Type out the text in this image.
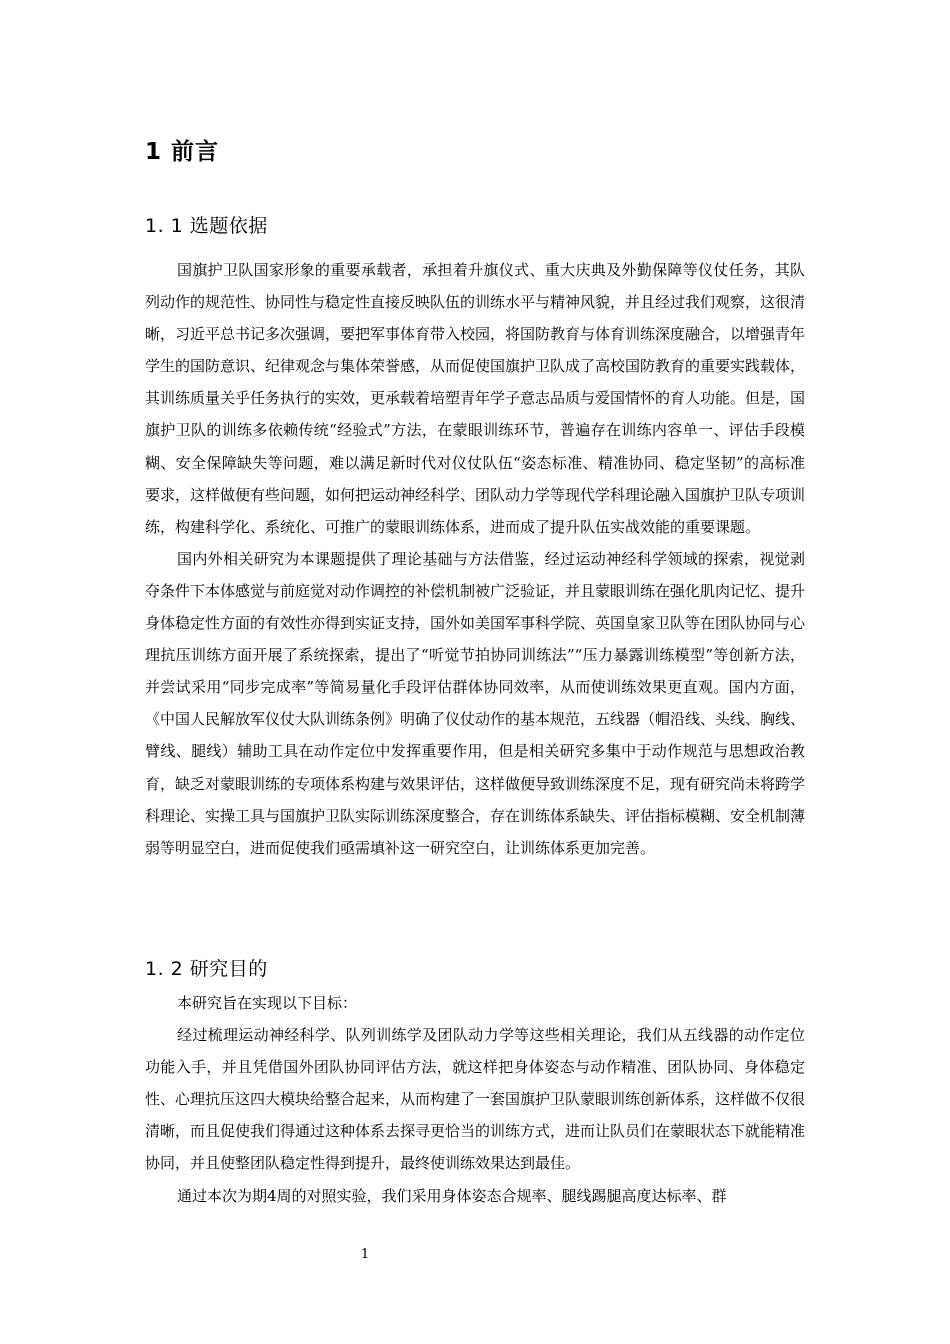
1 前言
1. 1 选题依据

国旗护卫队国家形象的重要承载者，承担着升旗仪式、重大庆典及外勤保障等仪仗任务，其队列动作的规范性、协同性与稳定性直接反映队伍的训练水平与精神风貌，并且经过我们观察，这很清晰，习近平总书记多次强调，要把军事体育带入校园，将国防教育与体育训练深度融合，以增强青年学生的国防意识、纪律观念与集体荣誉感，从而促使国旗护卫队成了高校国防教育的重要实践载体，其训练质量关乎任务执行的实效，更承载着培塑青年学子意志品质与爱国情怀的育人功能。但是，国旗护卫队的训练多依赖传统“经验式”方法，在蒙眼训练环节，普遍存在训练内容单一、评估手段模糊、安全保障缺失等问题，难以满足新时代对仪仗队伍“姿态标准、精准协同、稳定坚韧”的高标准要求，这样做便有些问题，如何把运动神经科学、团队动力学等现代学科理论融入国旗护卫队专项训练，构建科学化、系统化、可推广的蒙眼训练体系，进而成了提升队伍实战效能的重要课题。

国内外相关研究为本课题提供了理论基础与方法借鉴，经过运动神经科学领域的探索，视觉剥夺条件下本体感觉与前庭觉对动作调控的补偿机制被广泛验证，并且蒙眼训练在强化肌肉记忆、提升身体稳定性方面的有效性亦得到实证支持，国外如美国军事科学院、英国皇家卫队等在团队协同与心理抗压训练方面开展了系统探索，提出了“听觉节拍协同训练法”“压力暴露训练模型”等创新方法，并尝试采用“同步完成率”等简易量化手段评估群体协同效率，从而使训练效果更直观。国内方面，《中国人民解放军仪仗大队训练条例》明确了仪仗动作的基本规范，五线器（帽沿线、头线、胸线、臂线、腿线）辅助工具在动作定位中发挥重要作用，但是相关研究多集中于动作规范与思想政治教育，缺乏对蒙眼训练的专项体系构建与效果评估，这样做便导致训练深度不足，现有研究尚未将跨学科理论、实操工具与国旗护卫队实际训练深度整合，存在训练体系缺失、评估指标模糊、安全机制薄弱等明显空白，进而促使我们亟需填补这一研究空白，让训练体系更加完善。

1. 2 研究目的

本研究旨在实现以下目标：

经过梳理运动神经科学、队列训练学及团队动力学等这些相关理论，我们从五线器的动作定位功能入手，并且凭借国外团队协同评估方法，就这样把身体姿态与动作精准、团队协同、身体稳定性、心理抗压这四大模块给整合起来，从而构建了一套国旗护卫队蒙眼训练创新体系，这样做不仅很清晰，而且促使我们得通过这种体系去探寻更恰当的训练方式，进而让队员们在蒙眼状态下就能精准协同，并且使整团队稳定性得到提升，最终使训练效果达到最佳。

通过本次为期4周的对照实验，我们采用身体姿态合规率、腿线踢腿高度达标率、群

1
